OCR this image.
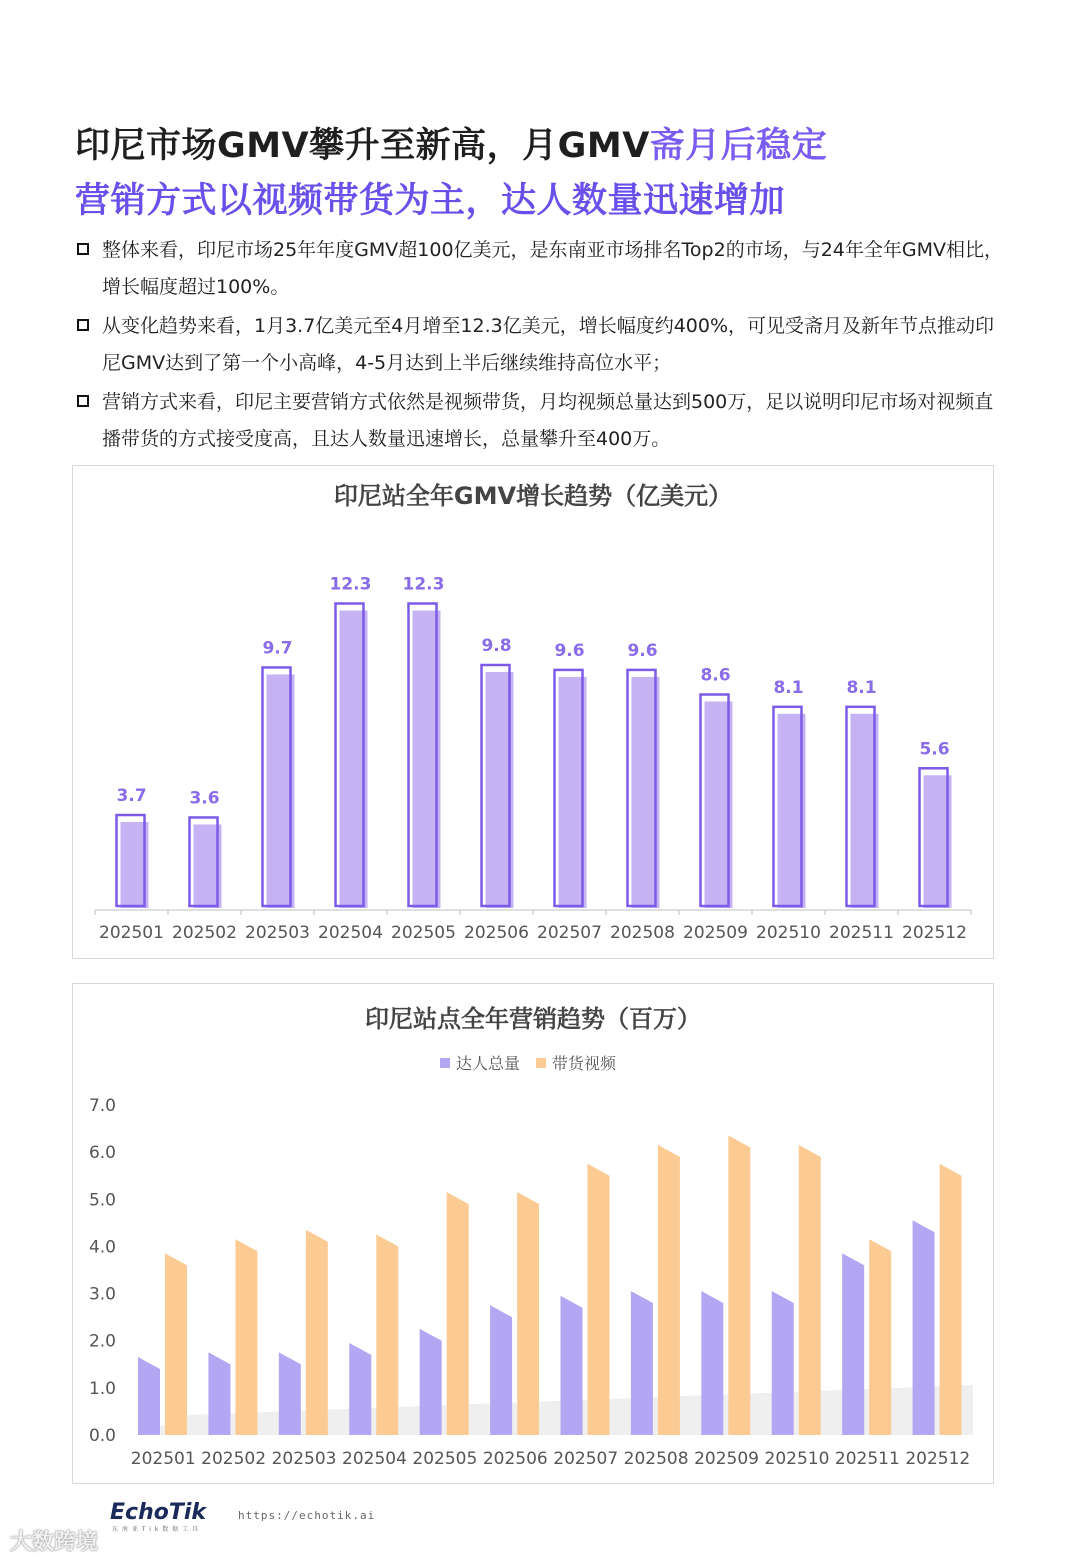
印尼市场GMV攀升至新高，月GMV斋月后稳定
营销方式以视频带货为主，达人数量迅速增加
整体来看，印尼市场25年年度GMV超100亿美元，是东南亚市场排名Top2的市场，与24年全年GMV相比，增长幅度超过100%。
从变化趋势来看，1月3.7亿美元至4月增至12.3亿美元，增长幅度约400%，可见受斋月及新年节点推动印尼GMV达到了第一个小高峰，4-5月达到上半后继续维持高位水平；
营销方式来看，印尼主要营销方式依然是视频带货，月均视频总量达到500万，足以说明印尼市场对视频直播带货的方式接受度高，且达人数量迅速增长，总量攀升至400万。
印尼站全年GMV增长趋势（亿美元）
3.7
202501
3.6
202502
9.7
202503
12.3
202504
12.3
202505
9.8
202506
9.6
202507
9.6
202508
8.6
202509
8.1
202510
8.1
202511
5.6
202512
印尼站点全年营销趋势（百万）
达人总量 带货视频
0.0
1.0
2.0
3.0
4.0
5.0
6.0
7.0
202501 202502 202503 202504 202505 202506 202507 202508 202509 202510 202511 202512
EchoTik
东 南 亚 T i k 数 据 工 具
https://echotik.ai
大数跨境
